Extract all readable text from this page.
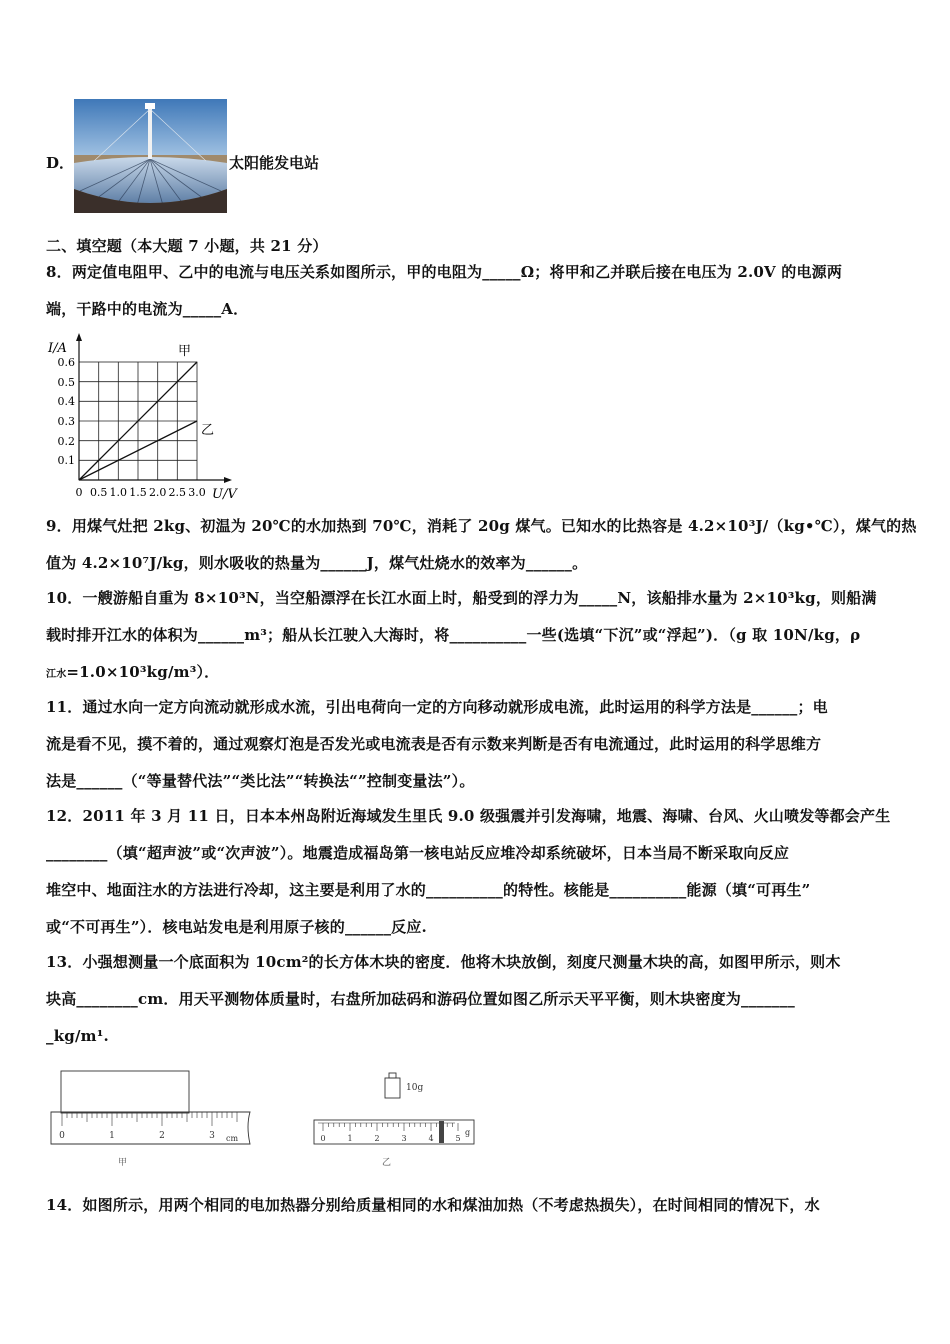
D．	太阳能发电站
二、填空题（本大题 7 小题，共 21 分）
8．两定值电阻甲、乙中的电流与电压关系如图所示，甲的电阻为_____Ω；将甲和乙并联后接在电压为 2.0V 的电源两
端，干路中的电流为_____A．
I/A
U/V
甲
乙
0.6
0.5
0.4
0.3
0.2
0.1
0 0.5 1.0 1.5 2.0 2.5 3.0
9．用煤气灶把 2kg、初温为 20℃的水加热到 70℃，消耗了 20g 煤气。已知水的比热容是 4.2×10³J/（kg•℃），煤气的热
值为 4.2×10⁷J/kg，则水吸收的热量为______J，煤气灶烧水的效率为______。
10．一艘游船自重为 8×10³N，当空船漂浮在长江水面上时，船受到的浮力为_____N，该船排水量为 2×10³kg，则船满
载时排开江水的体积为______m³；船从长江驶入大海时，将__________一些(选填“下沉”或“浮起”)．（g 取 10N/kg，ρ
江水=1.0×10³kg/m³）．
11．通过水向一定方向流动就形成水流，引出电荷向一定的方向移动就形成电流，此时运用的科学方法是______；电
流是看不见，摸不着的，通过观察灯泡是否发光或电流表是否有示数来判断是否有电流通过，此时运用的科学思维方
法是______（“等量替代法”“类比法”“转换法“”控制变量法”）。
12．2011 年 3 月 11 日，日本本州岛附近海域发生里氏 9.0 级强震并引发海啸，地震、海啸、台风、火山喷发等都会产生
________（填“超声波”或“次声波”）。地震造成福岛第一核电站反应堆冷却系统破坏，日本当局不断采取向反应
堆空中、地面注水的方法进行冷却，这主要是利用了水的__________的特性。核能是__________能源（填“可再生”
或“不可再生”）．核电站发电是利用原子核的______反应.
13．小强想测量一个底面积为 10cm²的长方体木块的密度．他将木块放倒，刻度尺测量木块的高，如图甲所示，则木
块高________cm．用天平测物体质量时，右盘所加砝码和游码位置如图乙所示天平平衡，则木块密度为_______
_kg/m¹.
0	1	2	3 cm
甲
10g
0	1	2	3	4	5
g
乙
14．如图所示，用两个相同的电加热器分别给质量相同的水和煤油加热（不考虑热损失），在时间相同的情况下，水
